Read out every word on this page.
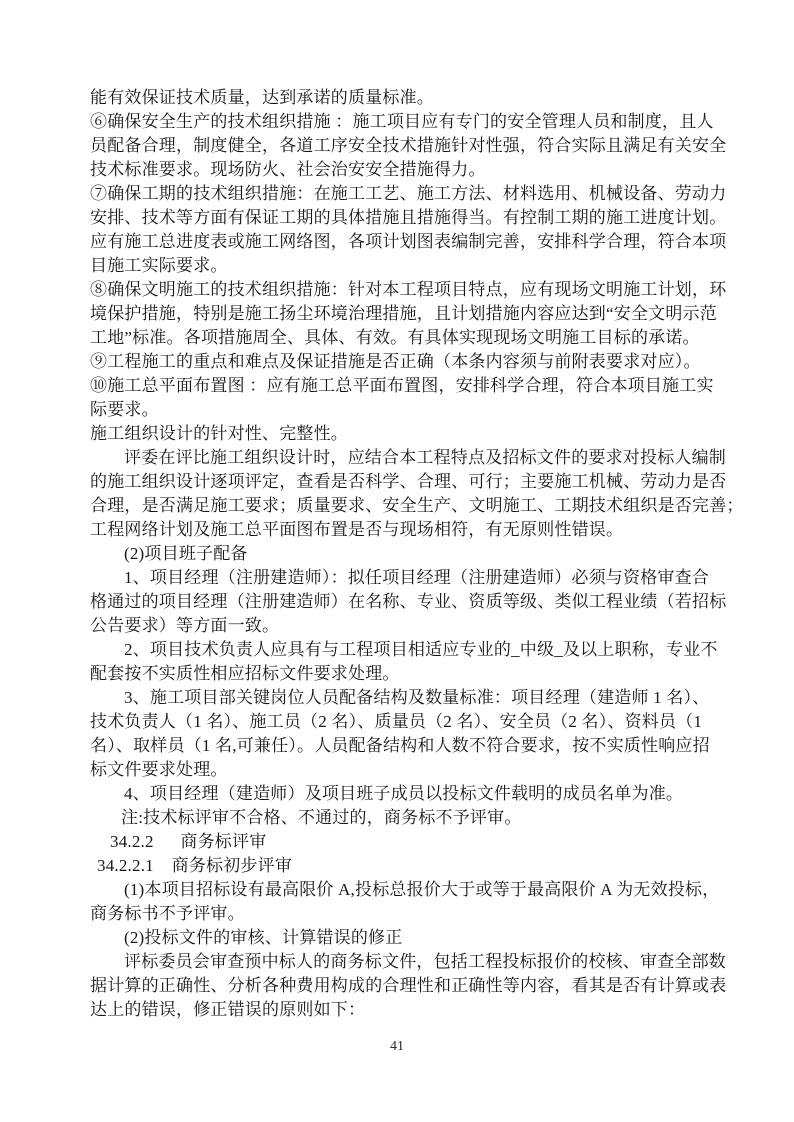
能有效保证技术质量，达到承诺的质量标准。
⑥确保安全生产的技术组织措施 ：施工项目应有专门的安全管理人员和制度，且人
员配备合理，制度健全，各道工序安全技术措施针对性强，符合实际且满足有关安全
技术标准要求。现场防火、社会治安安全措施得力。
⑦确保工期的技术组织措施：在施工工艺、施工方法、材料选用、机械设备、劳动力
安排、技术等方面有保证工期的具体措施且措施得当。有控制工期的施工进度计划。
应有施工总进度表或施工网络图，各项计划图表编制完善，安排科学合理，符合本项
目施工实际要求。
⑧确保文明施工的技术组织措施：针对本工程项目特点，应有现场文明施工计划，环
境保护措施，特别是施工扬尘环境治理措施，且计划措施内容应达到“安全文明示范
工地”标准。各项措施周全、具体、有效。有具体实现现场文明施工目标的承诺。
⑨工程施工的重点和难点及保证措施是否正确（本条内容须与前附表要求对应）。
⑩施工总平面布置图 ：应有施工总平面布置图，安排科学合理，符合本项目施工实
际要求。
施工组织设计的针对性、完整性。
评委在评比施工组织设计时，应结合本工程特点及招标文件的要求对投标人编制
的施工组织设计逐项评定，查看是否科学、合理、可行；主要施工机械、劳动力是否
合理，是否满足施工要求；质量要求、安全生产、文明施工、工期技术组织是否完善；
工程网络计划及施工总平面图布置是否与现场相符，有无原则性错误。
(2)项目班子配备
1、项目经理（注册建造师）：拟任项目经理（注册建造师）必须与资格审查合
格通过的项目经理（注册建造师）在名称、专业、资质等级、类似工程业绩（若招标
公告要求）等方面一致。
2、项目技术负责人应具有与工程项目相适应专业的_中级_及以上职称，专业不
配套按不实质性相应招标文件要求处理。
3、施工项目部关键岗位人员配备结构及数量标准：项目经理（建造师 1 名）、
技术负责人（1 名）、施工员（2 名）、质量员（2 名）、安全员（2 名）、资料员（1
名）、取样员（1 名,可兼任）。人员配备结构和人数不符合要求，按不实质性响应招
标文件要求处理。
4、项目经理（建造师）及项目班子成员以投标文件载明的成员名单为准。
注:技术标评审不合格、不通过的，商务标不予评审。
34.2.2      商务标评审
34.2.2.1    商务标初步评审
(1)本项目招标设有最高限价 A,投标总报价大于或等于最高限价 A 为无效投标，
商务标书不予评审。
(2)投标文件的审核、计算错误的修正
评标委员会审查预中标人的商务标文件，包括工程投标报价的校核、审查全部数
据计算的正确性、分析各种费用构成的合理性和正确性等内容，看其是否有计算或表
达上的错误，修正错误的原则如下：
41
